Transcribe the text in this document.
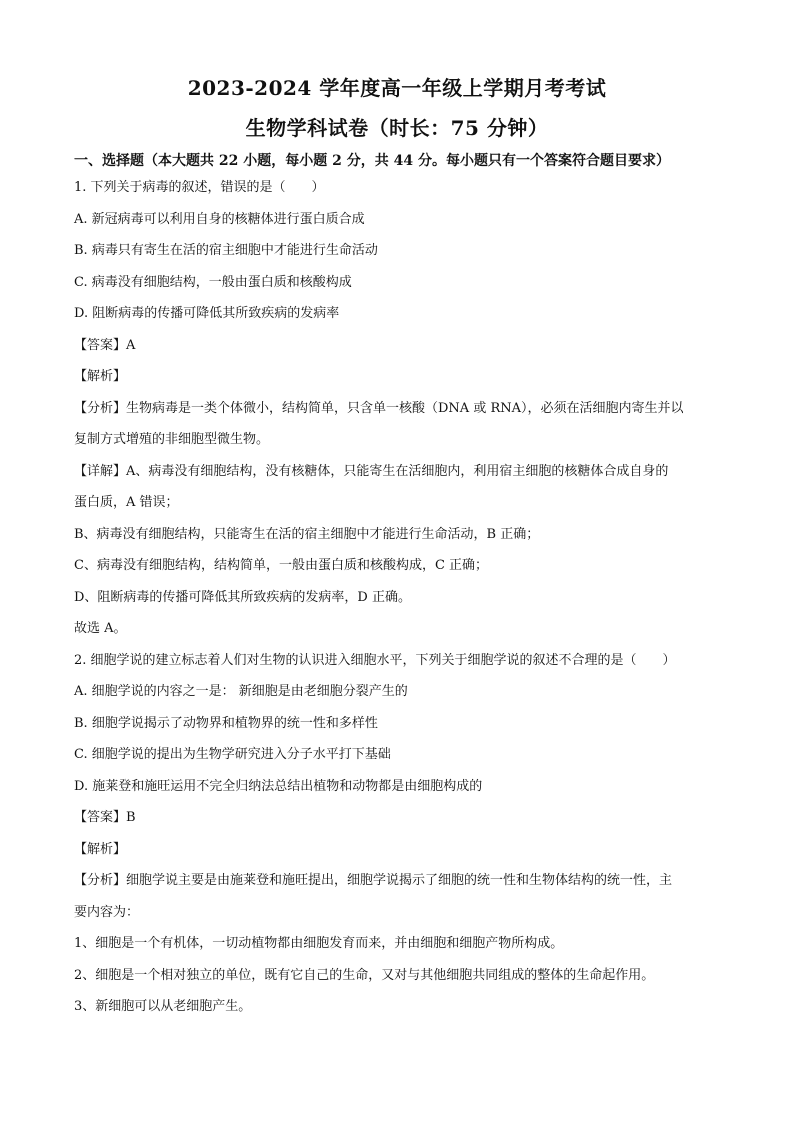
2023-2024 学年度高一年级上学期月考考试
生物学科试卷（时长：75 分钟）
一、选择题（本大题共 22 小题，每小题 2 分，共 44 分。每小题只有一个答案符合题目要求）
1. 下列关于病毒的叙述，错误的是（　　）
A. 新冠病毒可以利用自身的核糖体进行蛋白质合成
B. 病毒只有寄生在活的宿主细胞中才能进行生命活动
C. 病毒没有细胞结构，一般由蛋白质和核酸构成
D. 阻断病毒的传播可降低其所致疾病的发病率
【答案】A
【解析】
【分析】生物病毒是一类个体微小，结构简单，只含单一核酸（DNA 或 RNA），必须在活细胞内寄生并以
复制方式增殖的非细胞型微生物。
【详解】A、病毒没有细胞结构，没有核糖体，只能寄生在活细胞内，利用宿主细胞的核糖体合成自身的
蛋白质，A 错误；
B、病毒没有细胞结构，只能寄生在活的宿主细胞中才能进行生命活动，B 正确；
C、病毒没有细胞结构，结构简单，一般由蛋白质和核酸构成，C 正确；
D、阻断病毒的传播可降低其所致疾病的发病率，D 正确。
故选 A。
2. 细胞学说的建立标志着人们对生物的认识进入细胞水平，下列关于细胞学说的叙述不合理的是（　　）
A. 细胞学说的内容之一是： 新细胞是由老细胞分裂产生的
B. 细胞学说揭示了动物界和植物界的统一性和多样性
C. 细胞学说的提出为生物学研究进入分子水平打下基础
D. 施莱登和施旺运用不完全归纳法总结出植物和动物都是由细胞构成的
【答案】B
【解析】
【分析】细胞学说主要是由施莱登和施旺提出，细胞学说揭示了细胞的统一性和生物体结构的统一性，主
要内容为：
1、细胞是一个有机体，一切动植物都由细胞发育而来，并由细胞和细胞产物所构成。
2、细胞是一个相对独立的单位，既有它自己的生命，又对与其他细胞共同组成的整体的生命起作用。
3、新细胞可以从老细胞产生。
